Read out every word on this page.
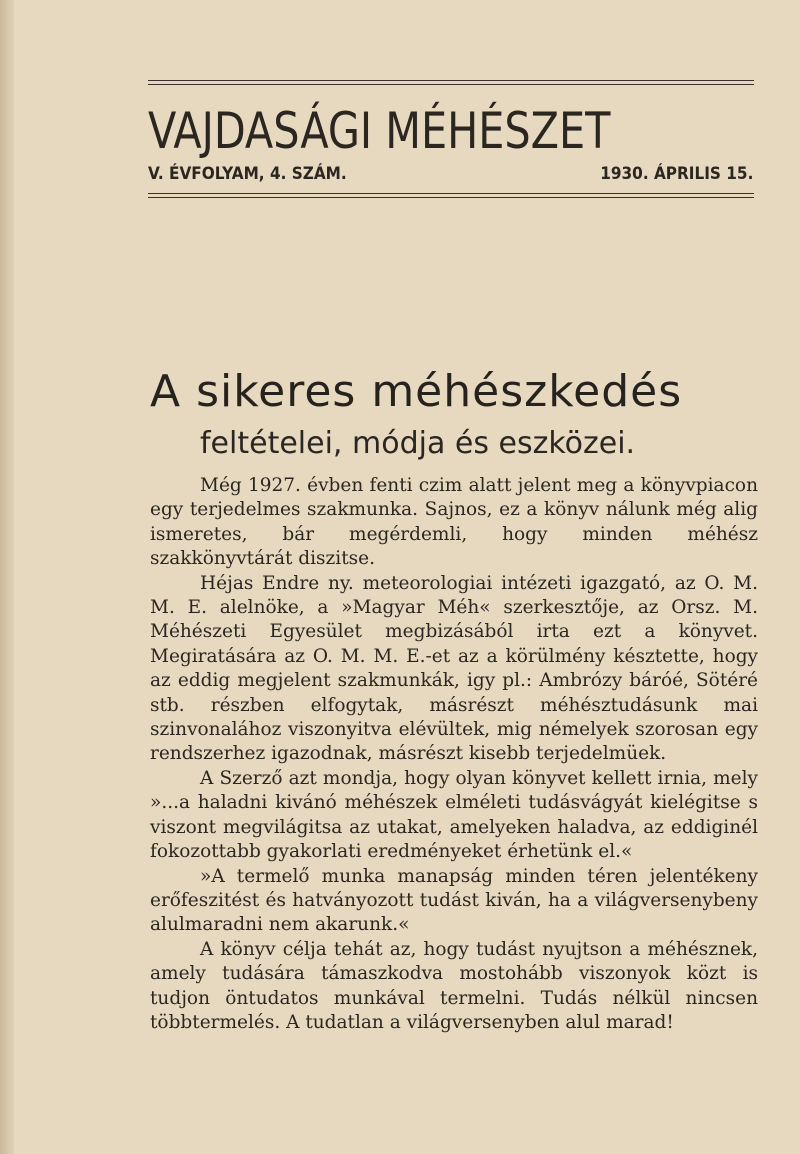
VAJDASÁGI MÉHÉSZET
V. ÉVFOLYAM, 4. SZÁM.	1930. ÁPRILIS 15.
A sikeres méhészkedés
feltételei, módja és eszközei.

Még 1927. évben fenti czim alatt jelent meg a könyvpiacon egy terjedelmes szakmunka. Sajnos, ez a könyv nálunk még alig ismeretes, bár megérdemli, hogy minden méhész szakkönyvtárát diszitse.

Héjas Endre ny. meteorologiai intézeti igazgató, az O. M. M. E. alelnöke, a »Magyar Méh« szerkesztője, az Orsz. M. Méhészeti Egyesület megbizásából irta ezt a könyvet. Megiratására az O. M. M. E.-et az a körülmény késztette, hogy az eddig megjelent szakmunkák, igy pl.: Ambrózy báróé, Sötéré stb. részben elfogytak, másrészt méhésztudásunk mai szinvonalához viszonyitva elévültek, mig némelyek szorosan egy rendszerhez igazodnak, másrészt kisebb terjedelmüek.

A Szerző azt mondja, hogy olyan könyvet kellett irnia, mely »...a haladni kivánó méhészek elméleti tudásvágyát kielégitse s viszont megvilágitsa az utakat, amelyeken haladva, az eddiginél fokozottabb gyakorlati eredményeket érhetünk el.«

»A termelő munka manapság minden téren jelentékeny erőfeszitést és hatványozott tudást kiván, ha a világversenybeny alulmaradni nem akarunk.«

A könyv célja tehát az, hogy tudást nyujtson a méhésznek, amely tudására támaszkodva mostohább viszonyok közt is tudjon öntudatos munkával termelni. Tudás nélkül nincsen többtermelés. A tudatlan a világversenyben alul marad!
